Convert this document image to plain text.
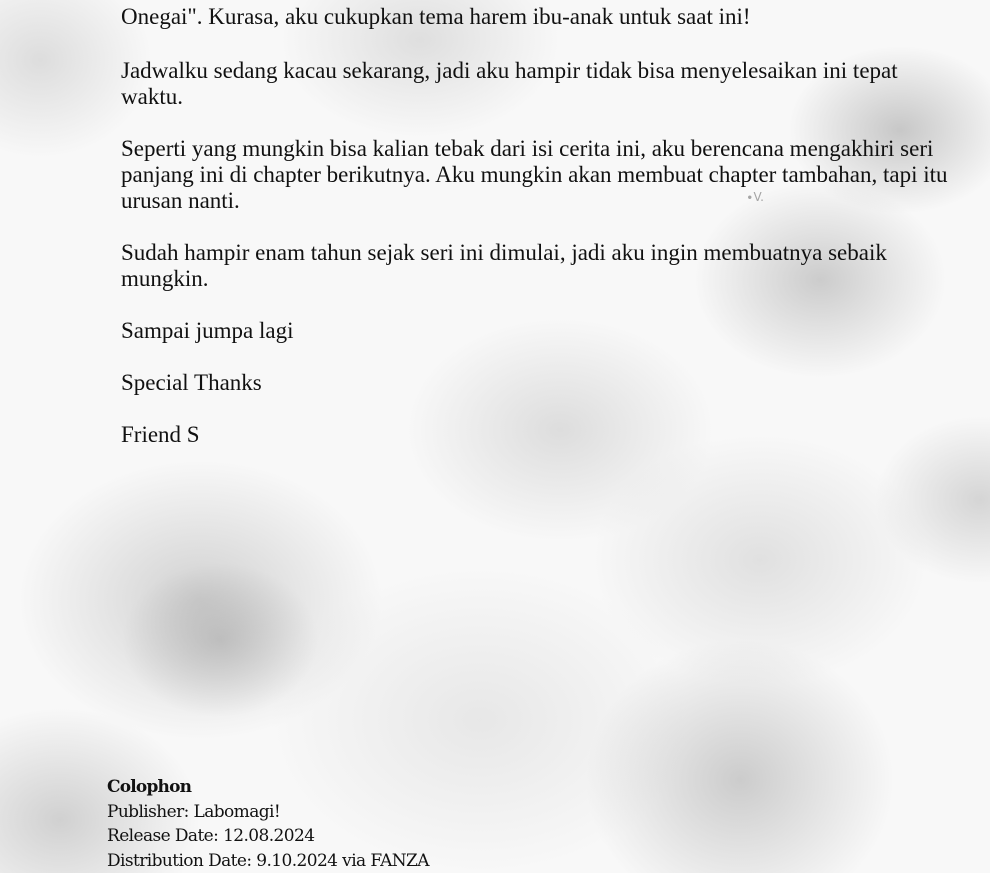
Onegai". Kurasa, aku cukupkan tema harem ibu-anak untuk saat ini!

Jadwalku sedang kacau sekarang, jadi aku hampir tidak bisa menyelesaikan ini tepat waktu.

Seperti yang mungkin bisa kalian tebak dari isi cerita ini, aku berencana mengakhiri seri panjang ini di chapter berikutnya. Aku mungkin akan membuat chapter tambahan, tapi itu urusan nanti.

Sudah hampir enam tahun sejak seri ini dimulai, jadi aku ingin membuatnya sebaik mungkin.

Sampai jumpa lagi

Special Thanks

Friend S

∙V.
Colophon
Publisher: Labomagi!
Release Date: 12.08.2024
Distribution Date: 9.10.2024 via FANZA
